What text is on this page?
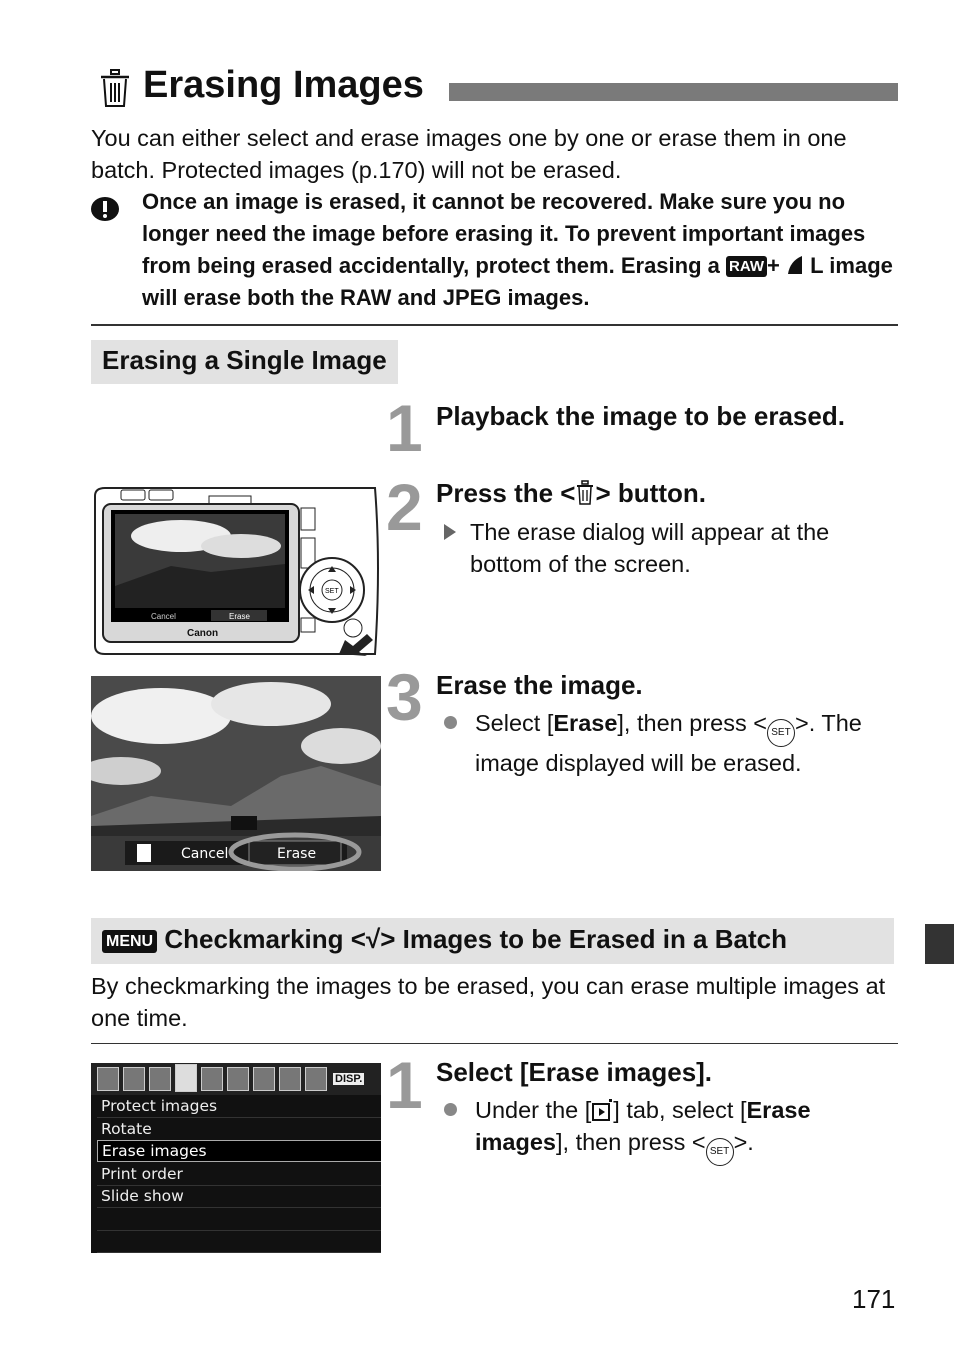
Erasing Images
You can either select and erase images one by one or erase them in one batch. Protected images (p.170) will not be erased.
Once an image is erased, it cannot be recovered. Make sure you no longer need the image before erasing it. To prevent important images from being erased accidentally, protect them. Erasing a RAW + L image will erase both the RAW and JPEG images.
Erasing a Single Image
1 Playback the image to be erased.
2 Press the < > button.
The erase dialog will appear at the bottom of the screen.
Cancel	Erase
Canon
SET
3 Erase the image.
Select [Erase], then press < SET >. The image displayed will be erased.
Cancel	Erase
MENU Checkmarking <√> Images to be Erased in a Batch
By checkmarking the images to be erased, you can erase multiple images at one time.
DISP.
Protect images
Rotate
Erase images
Print order
Slide show
1 Select [Erase images].
Under the [ ] tab, select [Erase images], then press < SET >.
171
